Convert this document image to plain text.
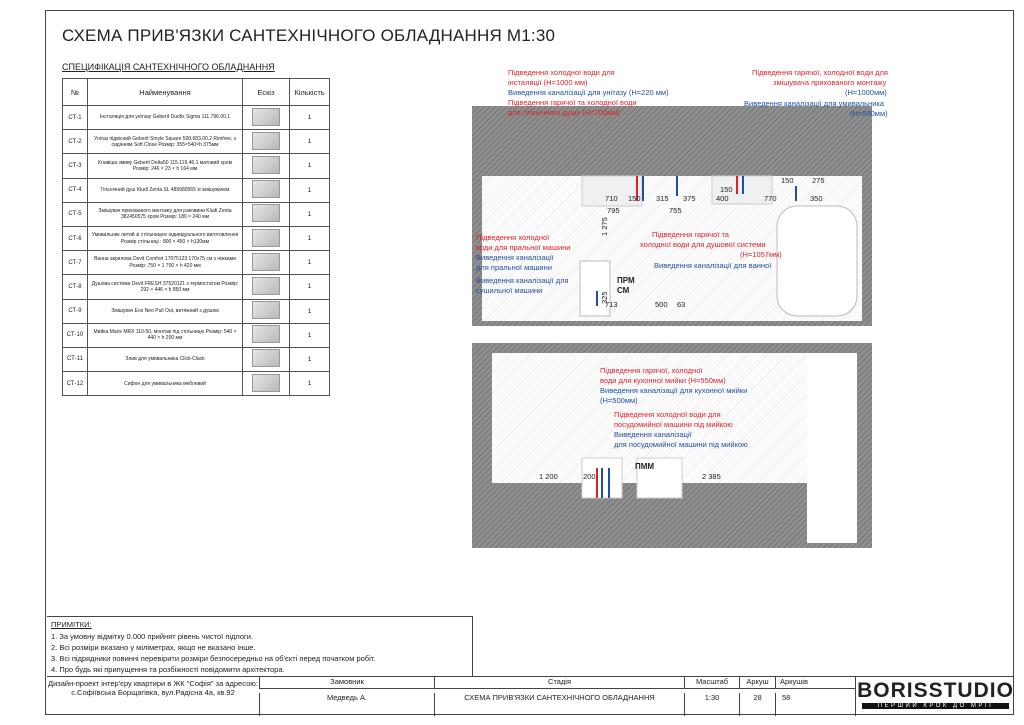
СХЕМА ПРИВ'ЯЗКИ САНТЕХНІЧНОГО ОБЛАДНАННЯ М1:30
СПЕЦИФІКАЦІЯ САНТЕХНІЧНОГО ОБЛАДНАННЯ
№	Найменування	Ескіз	Кількість
СТ-1	Інсталяція для унітазу Geberit Duofix Sigma 111.796.00.1		1
СТ-2	Унітаз підвісний Geberit Smyle Square 500.683.00.2 Rimfree, з сидінням Soft Close Розмір: 355×540×h 375мм		1
СТ-3	Клавіша змиву Geberit Delta50 115.119.46.1 матовий хром Розмір: 246 × 23 × h 164 мм		1
СТ-4	Гігієнічний душ Kludi Zenta SL 489980565 зі змішувачем		1
СТ-5	Змішувач прихованого монтажу для раковини Kludi Zenta 382450575 хром Розмір: 180 × 240 мм		1
СТ-6	Умивальник литий зі стільницею індивідуального виготовлення Розмір стільниці : 800 × 450 × h130мм		1
СТ-7	Ванна акрилова Devit Comfort 17075123 170х75 см з ніжками Розмір: 750 × 1 700 × h 420 мм		1
СТ-8	Душова система Devit FRESH 37520121 з термостатом Розмір: 292 × 446 × h 850 мм		1
СТ-9	Змішувач Eos Neo Pull Out, витяжний з душем		1
СТ-10	Мийка Maris MRX 110-50, монтаж під стільницю Розмір: 540 × 440 × h 200 мм		1
СТ-11	Злив для умивальника Click-Clack		1
СТ-12	Сифон для умивальника меблевий		1
Підведення холодної води для
інсталяції (Н=1000 мм)
Виведення каналізації для унітазу (Н=220 мм)
Підведення гарячої та холодної води
для гігієнічного душу (Н=700мм)
Підведення гарячої, холодної води для
змішувача прихованого монтажу
(Н=1000мм)
Виведення каналізації для умивальника
(Н=590мм)
Підведення холодної
води для пральної машини
Виведення каналізації
для пральної машини
Виведення каналізації для
сушильної машини
Підведення гарячої та
холодної води для душової системи
(Н=1057мм)
Виведення каналізації для ванної
710 150 315 375
795	755
400	770
150 275
150
350
1 275
325
713	500 63
ПРМ
СМ
Підведення гарячої, холодної
води для кухонної мийки (Н=550мм)
Виведення каналізації для кухонної мийки
(Н=500мм)
Підведення холодної води для
посудомийної машини під мийкою
Виведення каналізації
для посудомийної машини під мийкою
1 200	200	2 385
ПММ
ПРИМІТКИ:
1. За умовну відмітку 0.000 прийнят рівень чистої підлоги.
2. Всі розміри вказано у міліметрах, якщо не вказано інше.
3. Всі підрядники повинні перевірити розміри безпосередньо на об'єкті перед початком робіт.
4. Про будь які припущення та розбіжності повідомити архітектора.
Дизайн-проект інтер'єру квартири в ЖК "Софія" за адресою: с.Софіївська Борщагівка, вул.Радісна 4а, кв.92
Замовник
Медведь А.
Стадія
СХЕМА ПРИВ'ЯЗКИ САНТЕХНІЧНОГО ОБЛАДНАННЯ
Масштаб
1:30
Аркуш
28
Аркушів
58	BORISSTUDIO
ПЕРШИЙ КРОК ДО МРІЇ
